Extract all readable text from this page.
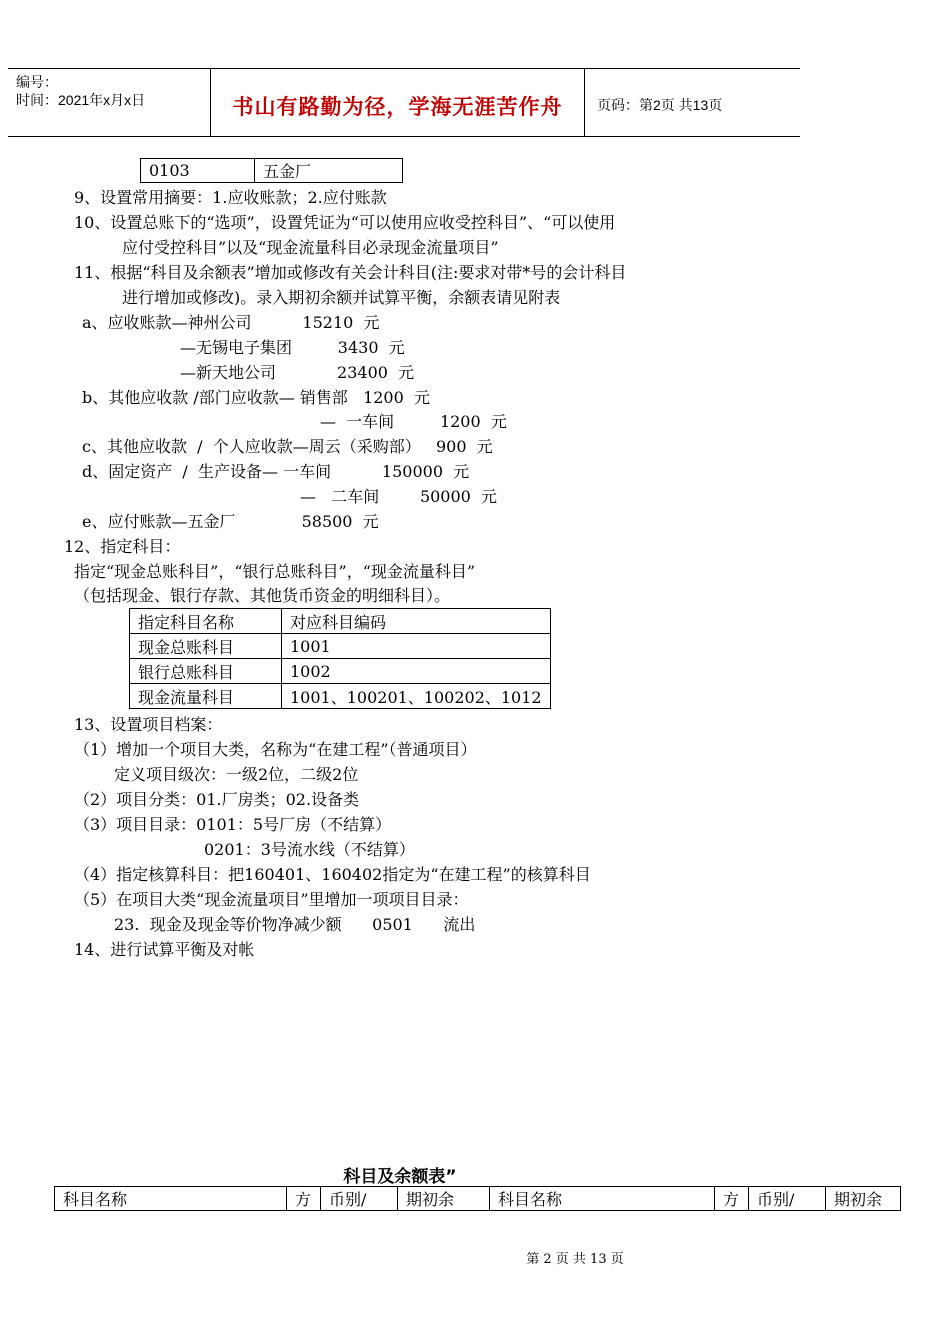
编号：
时间：2021年x月x日	书山有路勤为径，学海无涯苦作舟	页码：第2页 共13页
0103	五金厂
9、设置常用摘要：1.应收账款；2.应付账款
10、设置总账下的“选项”，设置凭证为“可以使用应收受控科目”、“可以使用
应付受控科目”以及“现金流量科目必录现金流量项目”
11、根据“科目及余额表”增加或修改有关会计科目(注:要求对带*号的会计科目
进行增加或修改)。录入期初余额并试算平衡，余额表请见附表
a、应收账款—神州公司          15210  元
—无锡电子集团         3430  元
—新天地公司            23400  元
b、其他应收款 /部门应收款— 销售部   1200  元
—  一车间         1200  元
c、其他应收款  /  个人应收款—周云（采购部）   900  元
d、固定资产  /  生产设备— 一车间          150000  元
—   二车间        50000  元
e、应付账款—五金厂             58500  元
12、指定科目：
指定“现金总账科目”，“银行总账科目”，“现金流量科目”
（包括现金、银行存款、其他货币资金的明细科目）。
指定科目名称	对应科目编码
现金总账科目	1001
银行总账科目	1002
现金流量科目	1001、100201、100202、1012
13、设置项目档案：
（1）增加一个项目大类，名称为“在建工程”（普通项目）
定义项目级次：一级2位，二级2位
（2）项目分类：01.厂房类；02.设备类
（3）项目目录：0101：5号厂房（不结算）
0201：3号流水线（不结算）
（4）指定核算科目：把160401、160402指定为“在建工程”的核算科目
（5）在项目大类“现金流量项目”里增加一项项目目录：
23.  现金及现金等价物净减少额      0501      流出
14、进行试算平衡及对帐
科目及余额表”
科目名称	方	币别/	期初余	科目名称	方	币别/	期初余
第 2 页 共 13 页
